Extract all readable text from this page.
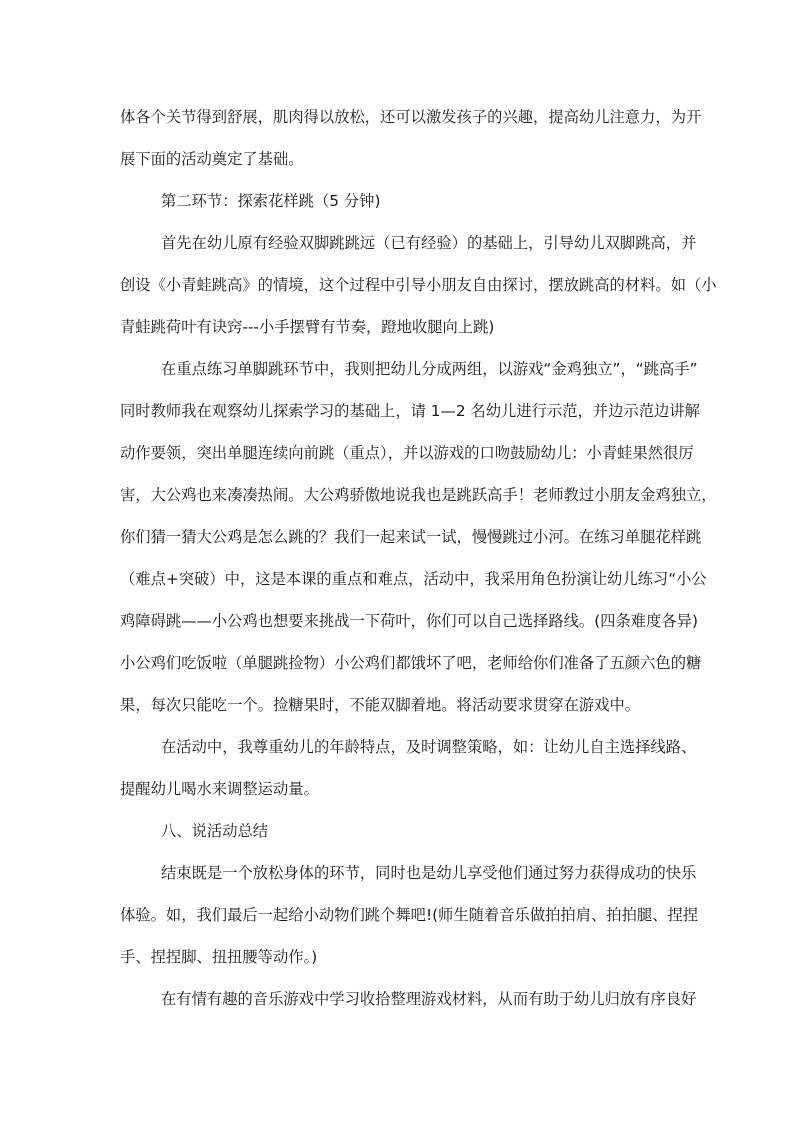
体各个关节得到舒展，肌肉得以放松，还可以激发孩子的兴趣，提高幼儿注意力，为开
展下面的活动奠定了基础。
第二环节：探索花样跳（5 分钟)
首先在幼儿原有经验双脚跳跳远（已有经验）的基础上，引导幼儿双脚跳高，并
创设《小青蛙跳高》的情境，这个过程中引导小朋友自由探讨，摆放跳高的材料。如（小
青蛙跳荷叶有诀窍---小手摆臂有节奏，蹬地收腿向上跳)
在重点练习单脚跳环节中，我则把幼儿分成两组，以游戏“金鸡独立”，“跳高手”
同时教师我在观察幼儿探索学习的基础上，请 1—2 名幼儿进行示范，并边示范边讲解
动作要领，突出单腿连续向前跳（重点），并以游戏的口吻鼓励幼儿：小青蛙果然很厉
害，大公鸡也来凑凑热闹。大公鸡骄傲地说我也是跳跃高手！老师教过小朋友金鸡独立，
你们猜一猜大公鸡是怎么跳的？我们一起来试一试，慢慢跳过小河。在练习单腿花样跳
（难点+突破）中，这是本课的重点和难点，活动中，我采用角色扮演让幼儿练习“小公
鸡障碍跳——小公鸡也想要来挑战一下荷叶，你们可以自己选择路线。(四条难度各异)
小公鸡们吃饭啦（单腿跳捡物）小公鸡们都饿坏了吧，老师给你们准备了五颜六色的糖
果，每次只能吃一个。捡糖果时，不能双脚着地。将活动要求贯穿在游戏中。
在活动中，我尊重幼儿的年龄特点，及时调整策略，如：让幼儿自主选择线路、
提醒幼儿喝水来调整运动量。
八、说活动总结
结束既是一个放松身体的环节，同时也是幼儿享受他们通过努力获得成功的快乐
体验。如，我们最后一起给小动物们跳个舞吧!(师生随着音乐做拍拍肩、拍拍腿、捏捏
手、捏捏脚、扭扭腰等动作。)
在有情有趣的音乐游戏中学习收拾整理游戏材料，从而有助于幼儿归放有序良好
